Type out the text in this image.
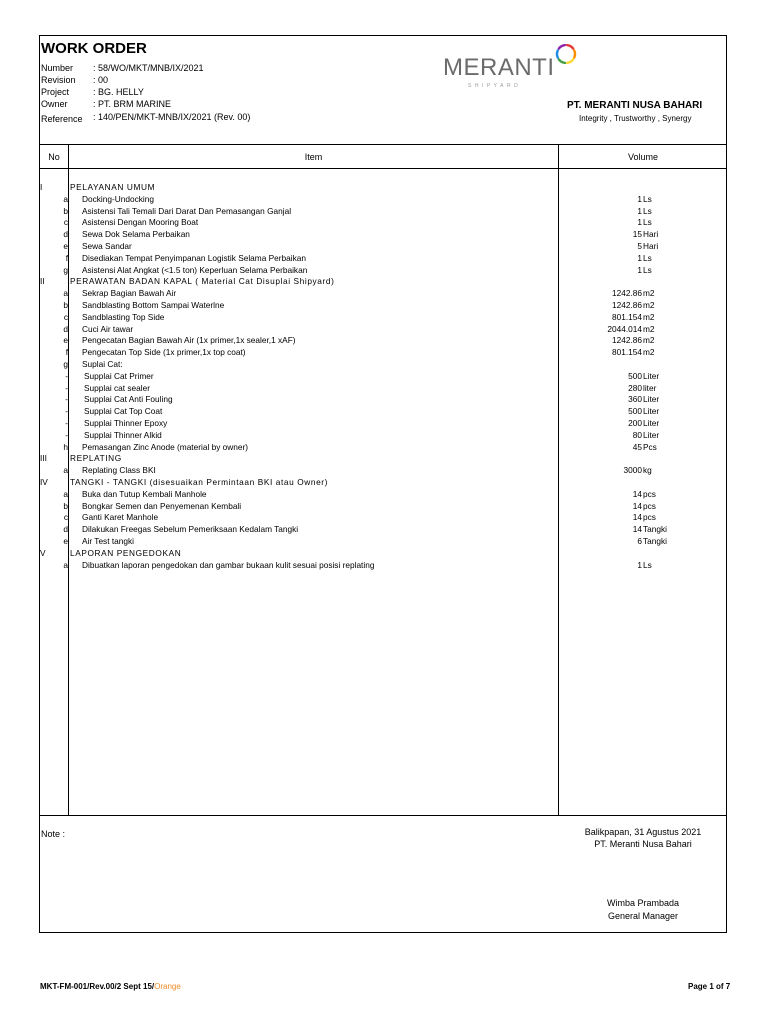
WORK ORDER
Number : 58/WO/MKT/MNB/IX/2021
Revision : 00
Project	: BG. HELLY
Owner	: PT. BRM MARINE
Reference : 140/PEN/MKT-MNB/IX/2021 (Rev. 00)
MERANTI
SHIPYARD
PT. MERANTI NUSA BAHARI
Integrity , Trustworthy , Synergy
No	Item	Volume
I	PELAYANAN UMUM
a Docking-Undocking	1 Ls
b Asistensi Tali Temali Dari Darat Dan Pemasangan Ganjal	1 Ls
c Asistensi Dengan Mooring Boat	1 Ls
d Sewa Dok Selama Perbaikan	15 Hari
e Sewa Sandar	5 Hari
f Disediakan Tempat Penyimpanan Logistik Selama Perbaikan	1 Ls
g Asistensi Alat Angkat (<1.5 ton) Keperluan Selama Perbaikan	1 Ls
II	PERAWATAN BADAN KAPAL ( Material Cat Disuplai Shipyard)
a Sekrap Bagian Bawah Air	1242.86 m2
b Sandblasting Bottom Sampai Waterlne	1242.86 m2
c Sandblasting Top Side	801.154 m2
d Cuci Air tawar	2044.014 m2
e Pengecatan Bagian Bawah Air (1x primer,1x sealer,1 xAF)	1242.86 m2
f Pengecatan Top Side (1x primer,1x top coat)	801.154 m2
g Suplai Cat:
- Supplai Cat Primer	500 Liter
- Supplai cat sealer	280 liter
- Supplai Cat Anti Fouling	360 Liter
- Supplai Cat Top Coat	500 Liter
- Supplai Thinner Epoxy	200 Liter
- Supplai Thinner Alkid	80 Liter
h Pemasangan Zinc Anode (material by owner)	45 Pcs
III	REPLATING
a Replating Class BKI	3000 kg
IV	TANGKI - TANGKI (disesuaikan Permintaan BKI atau Owner)
a Buka dan Tutup Kembali Manhole	14 pcs
b Bongkar Semen dan Penyemenan Kembali	14 pcs
c Ganti Karet Manhole	14 pcs
d Dilakukan Freegas Sebelum Pemeriksaan Kedalam Tangki	14 Tangki
e Air Test tangki	6 Tangki
V	LAPORAN PENGEDOKAN
a Dibuatkan laporan pengedokan dan gambar bukaan kulit sesuai posisi replating	1 Ls
Note :	Balikpapan, 31 Agustus 2021
PT. Meranti Nusa Bahari
Wimba Prambada
General Manager
MKT-FM-001/Rev.00/2 Sept 15/Orange	Page 1 of 7
